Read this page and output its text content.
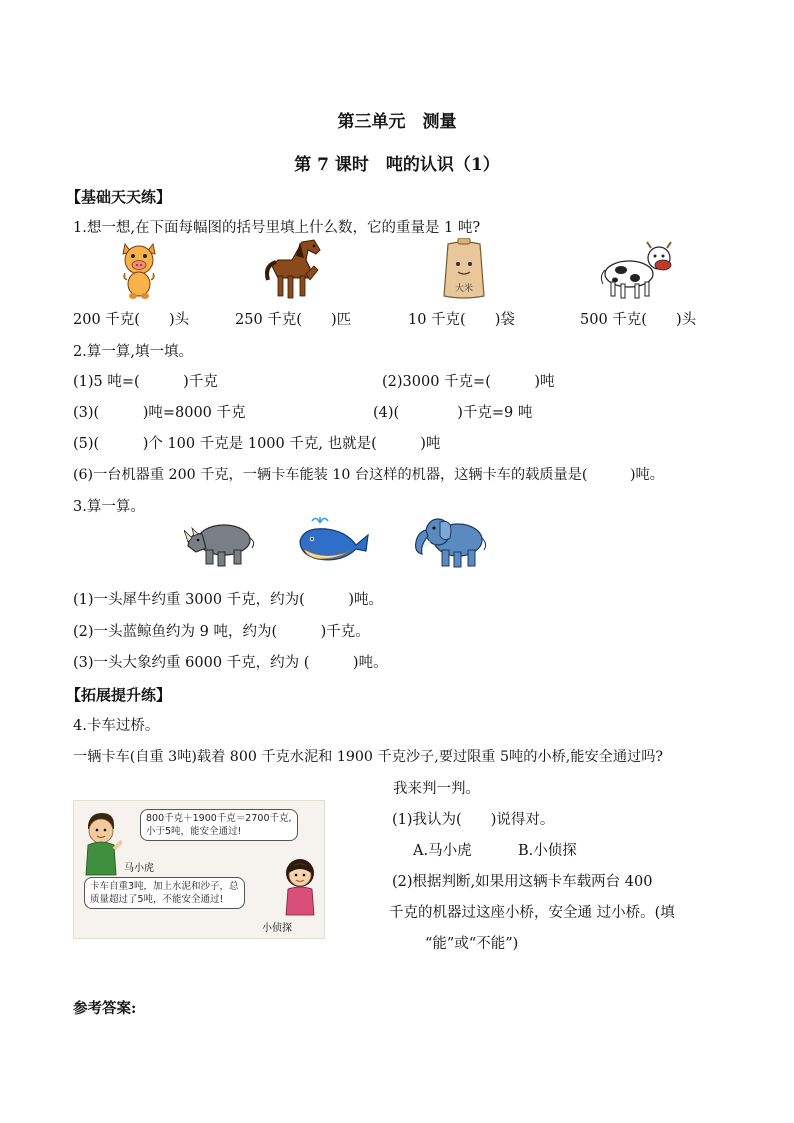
第三单元　测量
第 7 课时　吨的认识（1）
【基础天天练】
1.想一想,在下面每幅图的括号里填上什么数，它的重量是 1 吨?
大米
200 千克(　　)头	250 千克(　　)匹	10 千克(　　)袋	500 千克(　　)头
2.算一算,填一填。
(1)5 吨=(　　　)千克	(2)3000 千克=(　　　)吨
(3)(　　　)吨=8000 千克	(4)(　　　　)千克=9 吨
(5)(　　　)个 100 千克是 1000 千克, 也就是(　　　)吨
(6)一台机器重 200 千克，一辆卡车能装 10 台这样的机器，这辆卡车的载质量是(　　　)吨。
3.算一算。
(1)一头犀牛约重 3000 千克，约为(　　　)吨。
(2)一头蓝鲸鱼约为 9 吨，约为(　　　)千克。
(3)一头大象约重 6000 千克，约为 (　　　)吨。
【拓展提升练】
4.卡车过桥。
一辆卡车(自重 3吨)载着 800 千克水泥和 1900 千克沙子,要过限重 5吨的小桥,能安全通过吗?
我来判一判。
800千克＋1900千克＝2700千克,
小于5吨，能安全通过!
马小虎
卡车自重3吨，加上水泥和沙子，总
质量超过了5吨，不能安全通过!
小侦探
(1)我认为(　　)说得对。
A.马小虎	B.小侦探
(2)根据判断,如果用这辆卡车载两台 400
千克的机器过这座小桥，安全通 过小桥。(填
“能”或“不能”)
参考答案:
